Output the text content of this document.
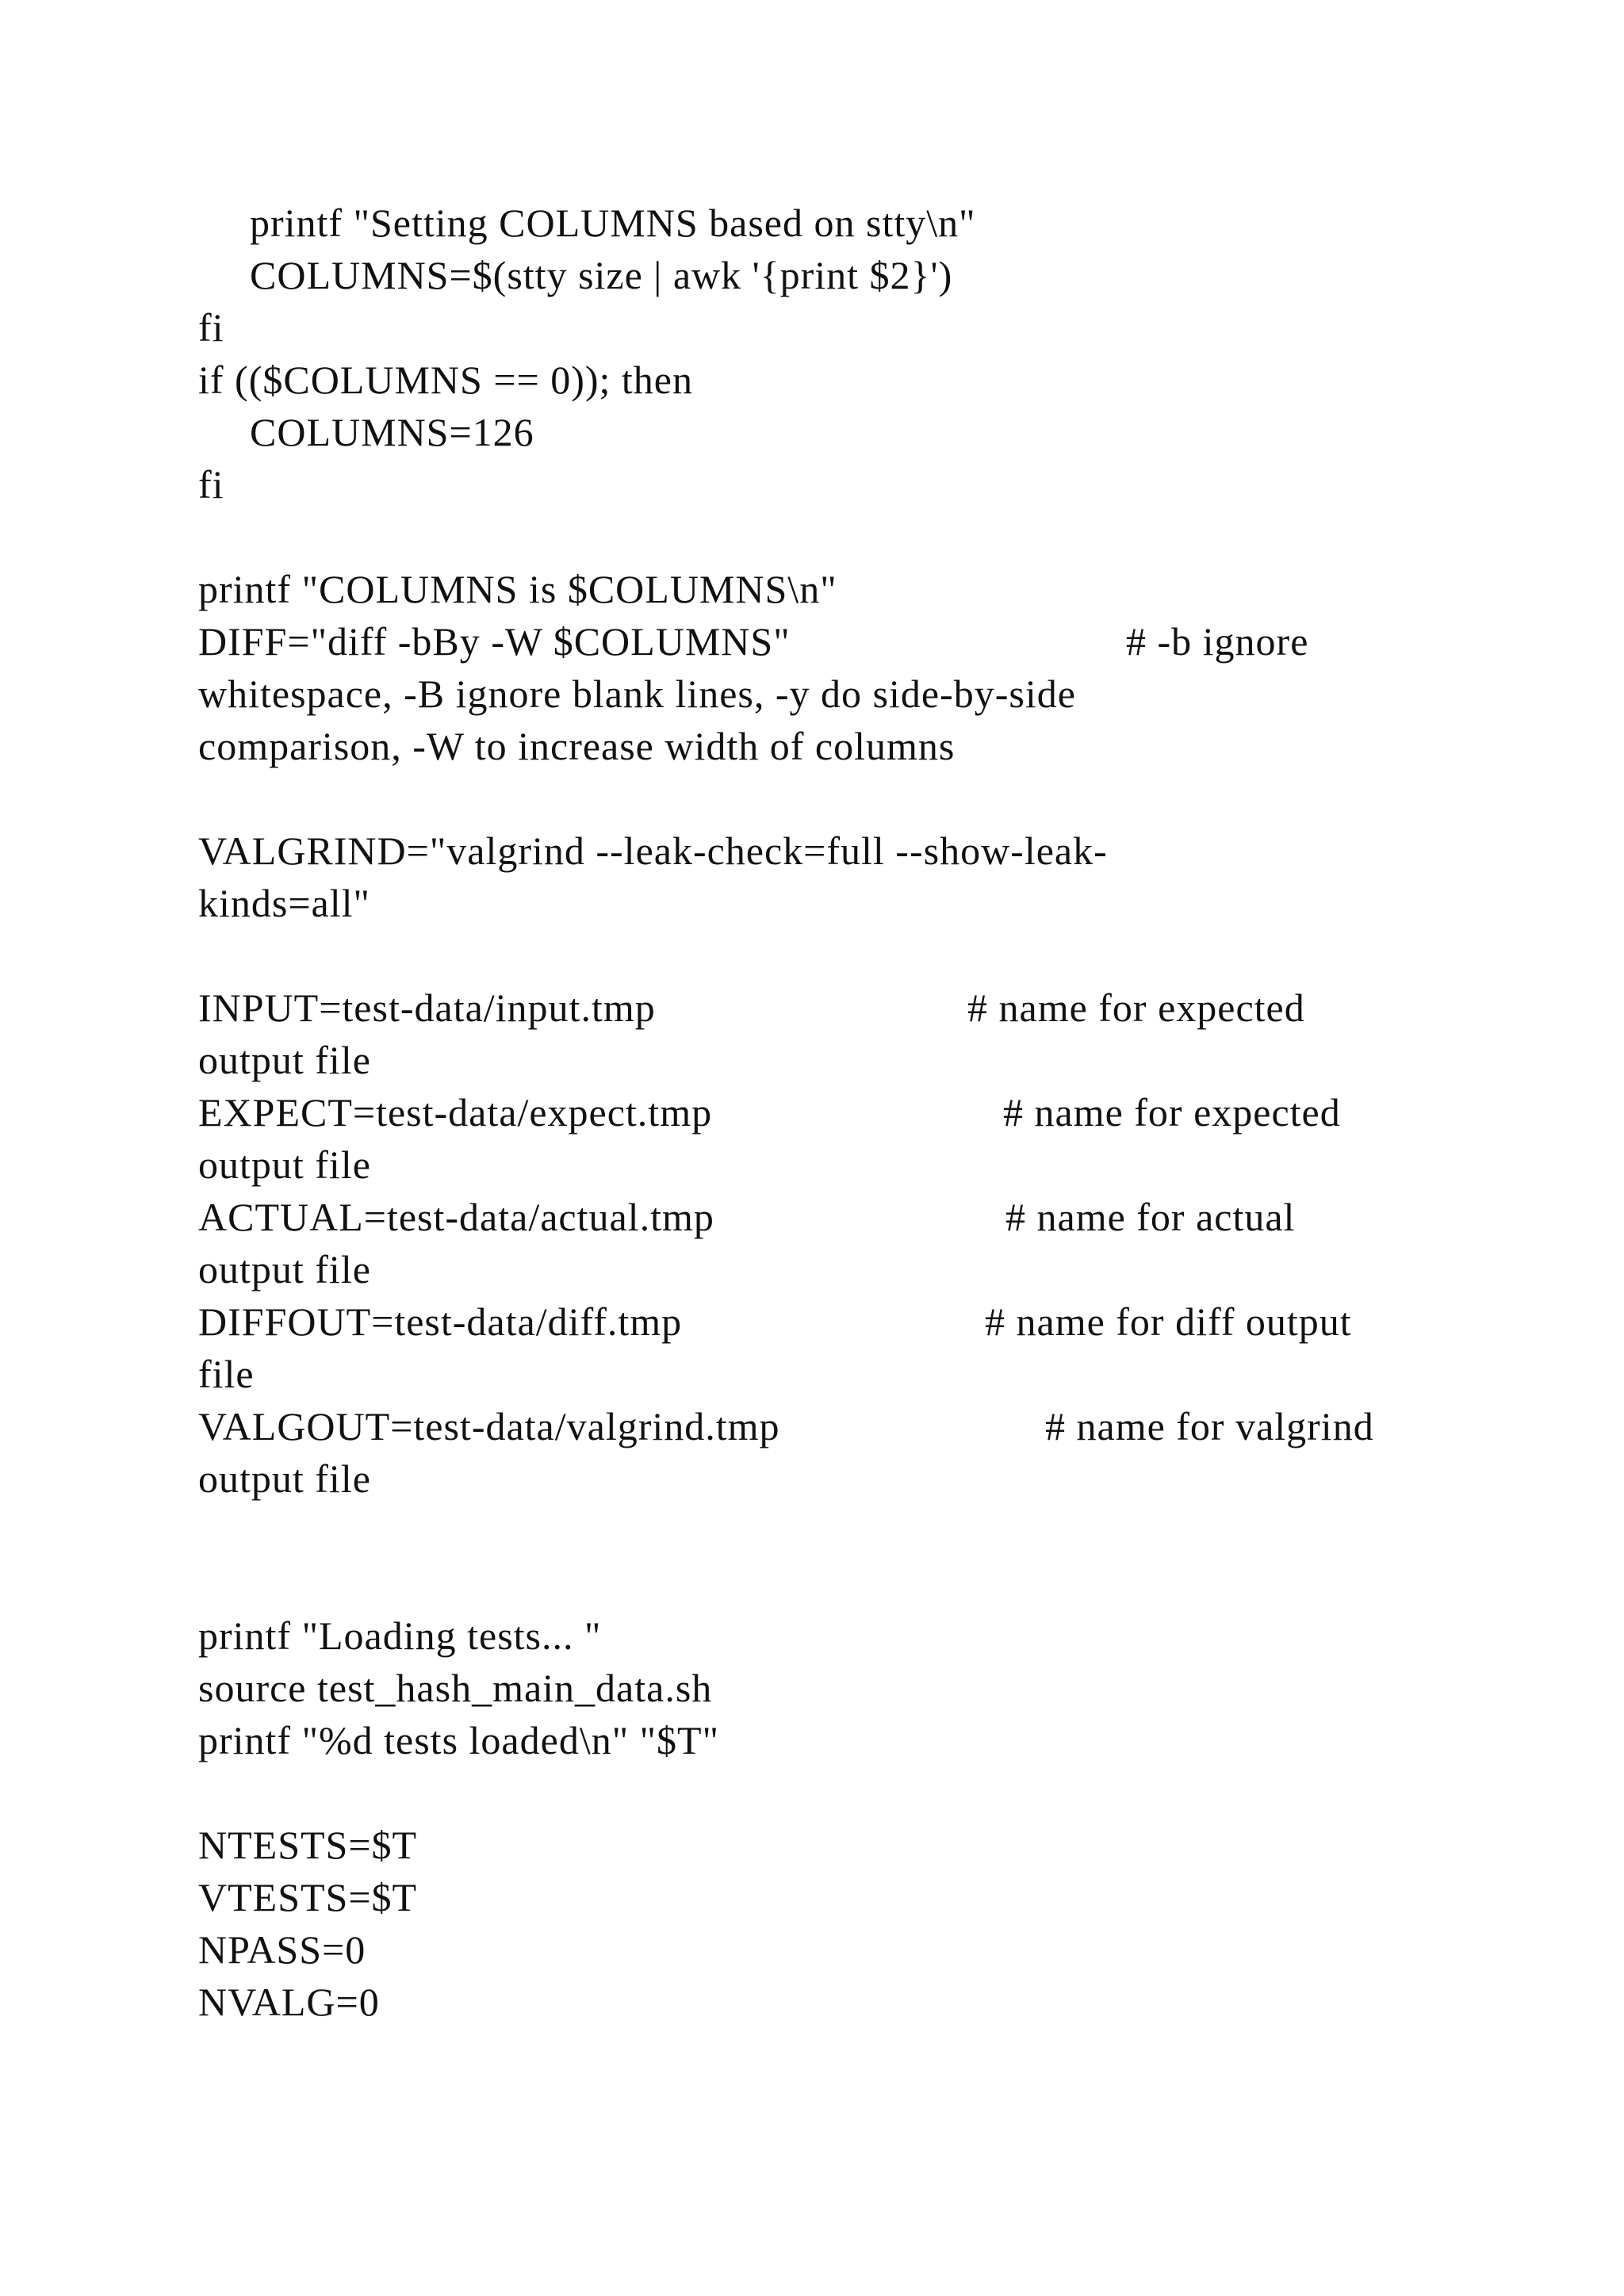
printf "Setting COLUMNS based on stty\n"

COLUMNS=$(stty size | awk '{print $2}')

fi

if (($COLUMNS == 0)); then

COLUMNS=126

fi

printf "COLUMNS is $COLUMNS\n"

DIFF="diff -bBy -W $COLUMNS"	# -b ignore

whitespace, -B ignore blank lines, -y do side-by-side

comparison, -W to increase width of columns

VALGRIND="valgrind --leak-check=full --show-leak-

kinds=all"

INPUT=test-data/input.tmp	# name for expected

output file

EXPECT=test-data/expect.tmp	# name for expected

output file

ACTUAL=test-data/actual.tmp	# name for actual

output file

DIFFOUT=test-data/diff.tmp	# name for diff output

file

VALGOUT=test-data/valgrind.tmp	# name for valgrind

output file

printf "Loading tests... "

source test_hash_main_data.sh

printf "%d tests loaded\n" "$T"

NTESTS=$T

VTESTS=$T

NPASS=0

NVALG=0
